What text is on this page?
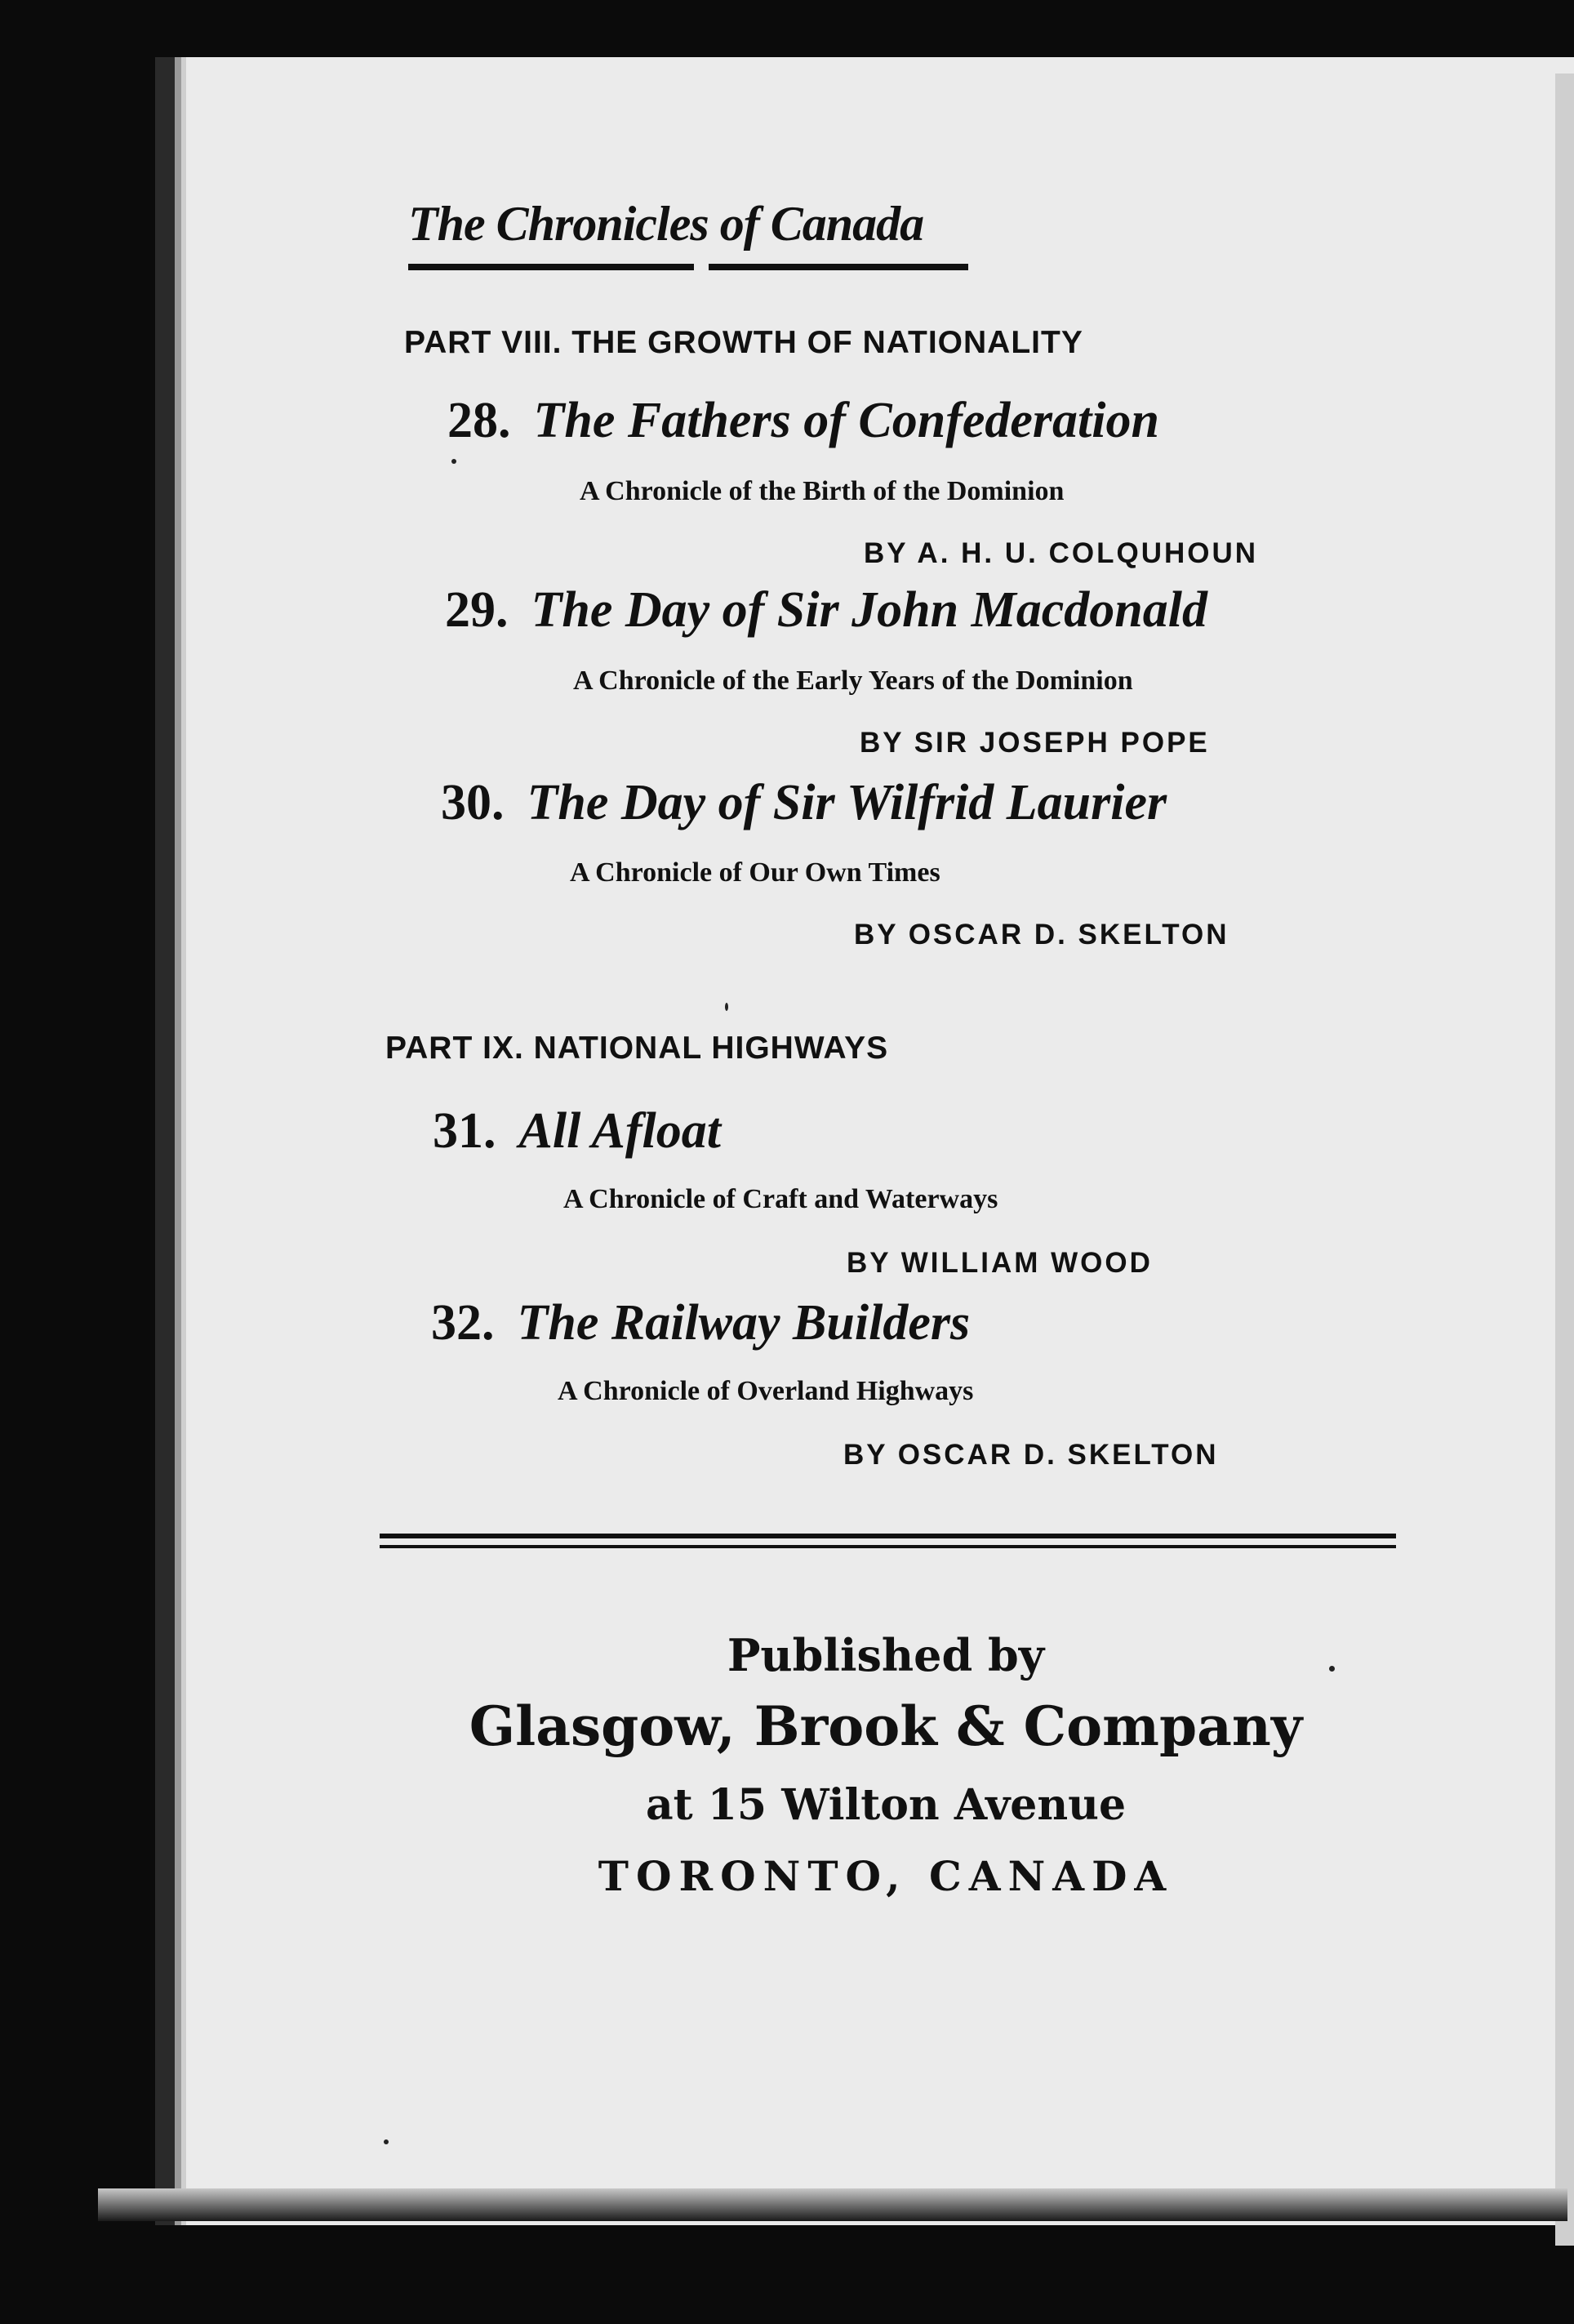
The Chronicles of Canada
PART VIII. THE GROWTH OF NATIONALITY
28. The Fathers of Confederation
A Chronicle of the Birth of the Dominion
BY A. H. U. COLQUHOUN
29. The Day of Sir John Macdonald
A Chronicle of the Early Years of the Dominion
BY SIR JOSEPH POPE
30. The Day of Sir Wilfrid Laurier
A Chronicle of Our Own Times
BY OSCAR D. SKELTON
PART IX. NATIONAL HIGHWAYS
31. All Afloat
A Chronicle of Craft and Waterways
BY WILLIAM WOOD
32. The Railway Builders
A Chronicle of Overland Highways
BY OSCAR D. SKELTON
Published by
Glasgow, Brook & Company
at 15 Wilton Avenue
TORONTO, CANADA
